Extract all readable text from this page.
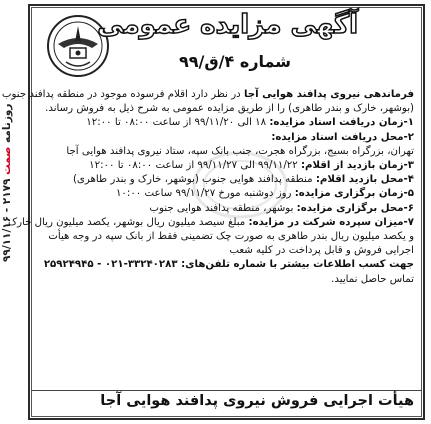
روزنامه صمت ۲۱۷۹ - ۹۹/۱۱/۱۶
آگهی مزایده عمومی
شماره ۴/ق/۹۹
فرماندهی نیروی پدافند هوایی آجا در نظر دارد اقلام فرسوده موجود در منطقه پدافند جنوب
(بوشهر، خارک و بندر طاهری) را از طریق مزایده عمومی به شرح ذیل به فروش رساند.
۱-زمان دریافت اسناد مزایده: ۱۸ الی ۹۹/۱۱/۲۰ از ساعت ۰۸:۰۰ تا ۱۲:۰۰
۲-محل دریافت اسناد مزایده:
تهران، بزرگراه بسیج، بزرگراه هجرت، جنب بانک سپه، ستاد نیروی پدافند هوایی آجا
۳-زمان بازدید از اقلام: ۹۹/۱۱/۲۲ الی ۹۹/۱۱/۲۷ از ساعت ۰۸:۰۰ تا ۱۲:۰۰
۴-محل بازدید اقلام: منطقه پدافند هوایی جنوب (بوشهر، خارک و بندر طاهری)
۵-زمان برگزاری مزایده: روز دوشنبه مورخ ۹۹/۱۱/۲۷ ساعت ۱۰:۰۰
۶-محل برگزاری مزایده: بوشهر، منطقه پدافند هوایی جنوب
۷-میزان سپرده شرکت در مزایده: مبلغ سیصد میلیون ریال بوشهر، یکصد میلیون ریال خارک
و یکصد میلیون ریال بندر طاهری به صورت چک تضمینی فقط از بانک سپه در وجه هیأت
اجرایی فروش و قابل پرداخت در کلیه شعب
جهت کسب اطلاعات بیشتر با شماره تلفن‌های: ۳۳۲۴۰۲۸۳-۰۲۱ - ۲۵۹۲۴۹۴۵
تماس حاصل نمایید.
هیأت اجرایی فروش نیروی پدافند هوایی آجا
